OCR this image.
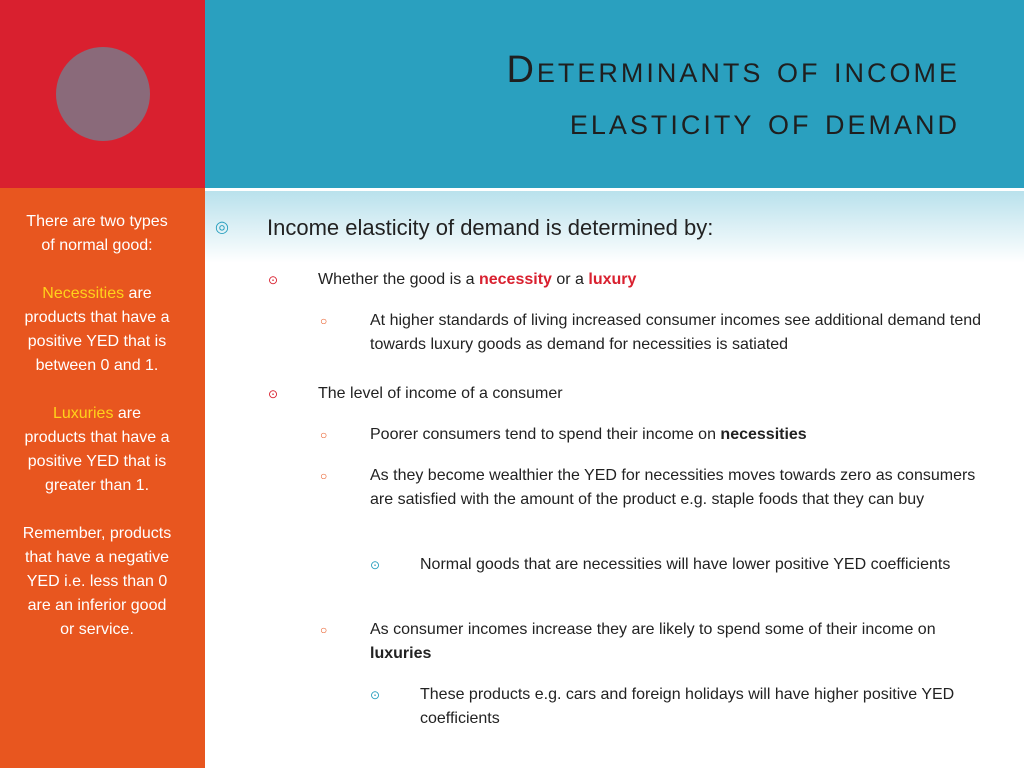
Determinants of income
elasticity of demand

There are two types of normal good:

Necessities are products that have a positive YED that is between 0 and 1.

Luxuries are products that have a positive YED that is greater than 1.

Remember, products that have a negative YED i.e. less than 0 are an inferior good or service.

◎	Income elasticity of demand is determined by:
⊙	Whether the good is a necessity or a luxury
○	At higher standards of living increased consumer incomes see additional demand tend towards luxury goods as demand for necessities is satiated
⊙	The level of income of a consumer
○	Poorer consumers tend to spend their income on necessities
○	As they become wealthier the YED for necessities moves towards zero as consumers are satisfied with the amount of the product e.g. staple foods that they can buy
⊙	Normal goods that are necessities will have lower positive YED coefficients
○	As consumer incomes increase they are likely to spend some of their income on luxuries
⊙	These products e.g. cars and foreign holidays will have higher positive YED coefficients
